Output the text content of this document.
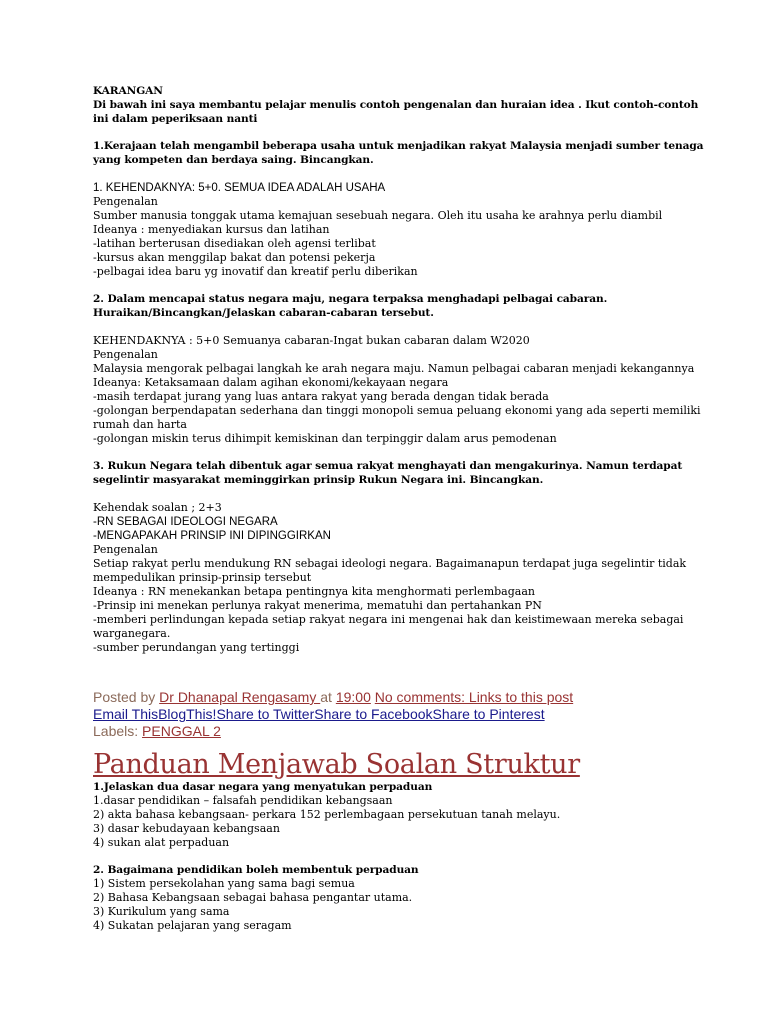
KARANGAN
Di bawah ini saya membantu pelajar menulis contoh pengenalan dan huraian idea . Ikut contoh-contoh
ini dalam peperiksaan nanti
1.Kerajaan telah mengambil beberapa usaha untuk menjadikan rakyat Malaysia menjadi sumber tenaga
yang kompeten dan berdaya saing. Bincangkan.
1. KEHENDAKNYA: 5+0. SEMUA IDEA ADALAH USAHA
Pengenalan
Sumber manusia tonggak utama kemajuan sesebuah negara. Oleh itu usaha ke arahnya perlu diambil
Ideanya : menyediakan kursus dan latihan
-latihan berterusan disediakan oleh agensi terlibat
-kursus akan menggilap bakat dan potensi pekerja
-pelbagai idea baru yg inovatif dan kreatif perlu diberikan
2. Dalam mencapai status negara maju, negara terpaksa menghadapi pelbagai cabaran.
Huraikan/Bincangkan/Jelaskan cabaran-cabaran tersebut.
KEHENDAKNYA : 5+0 Semuanya cabaran-Ingat bukan cabaran dalam W2020
Pengenalan
Malaysia mengorak pelbagai langkah ke arah negara maju. Namun pelbagai cabaran menjadi kekangannya
Ideanya: Ketaksamaan dalam agihan ekonomi/kekayaan negara
-masih terdapat jurang yang luas antara rakyat yang berada dengan tidak berada
-golongan berpendapatan sederhana dan tinggi monopoli semua peluang ekonomi yang ada seperti memiliki
rumah dan harta
-golongan miskin terus dihimpit kemiskinan dan terpinggir dalam arus pemodenan
3. Rukun Negara telah dibentuk agar semua rakyat menghayati dan mengakurinya. Namun terdapat
segelintir masyarakat meminggirkan prinsip Rukun Negara ini. Bincangkan.
Kehendak soalan ; 2+3
-RN SEBAGAI IDEOLOGI NEGARA
-MENGAPAKAH PRINSIP INI DIPINGGIRKAN
Pengenalan
Setiap rakyat perlu mendukung RN sebagai ideologi negara. Bagaimanapun terdapat juga segelintir tidak
mempedulikan prinsip-prinsip tersebut
Ideanya : RN menekankan betapa pentingnya kita menghormati perlembagaan
-Prinsip ini menekan perlunya rakyat menerima, mematuhi dan pertahankan PN
-memberi perlindungan kepada setiap rakyat negara ini mengenai hak dan keistimewaan mereka sebagai
warganegara.
-sumber perundangan yang tertinggi
Posted by Dr Dhanapal Rengasamy at 19:00 No comments: Links to this post
Email ThisBlogThis!Share to TwitterShare to FacebookShare to Pinterest
Labels: PENGGAL 2
Panduan Menjawab Soalan Struktur
1.Jelaskan dua dasar negara yang menyatukan perpaduan
1.dasar pendidikan – falsafah pendidikan kebangsaan
2) akta bahasa kebangsaan- perkara 152 perlembagaan persekutuan tanah melayu.
3) dasar kebudayaan kebangsaan
4) sukan alat perpaduan
2. Bagaimana pendidikan boleh membentuk perpaduan
1) Sistem persekolahan yang sama bagi semua
2) Bahasa Kebangsaan sebagai bahasa pengantar utama.
3) Kurikulum yang sama
4) Sukatan pelajaran yang seragam
